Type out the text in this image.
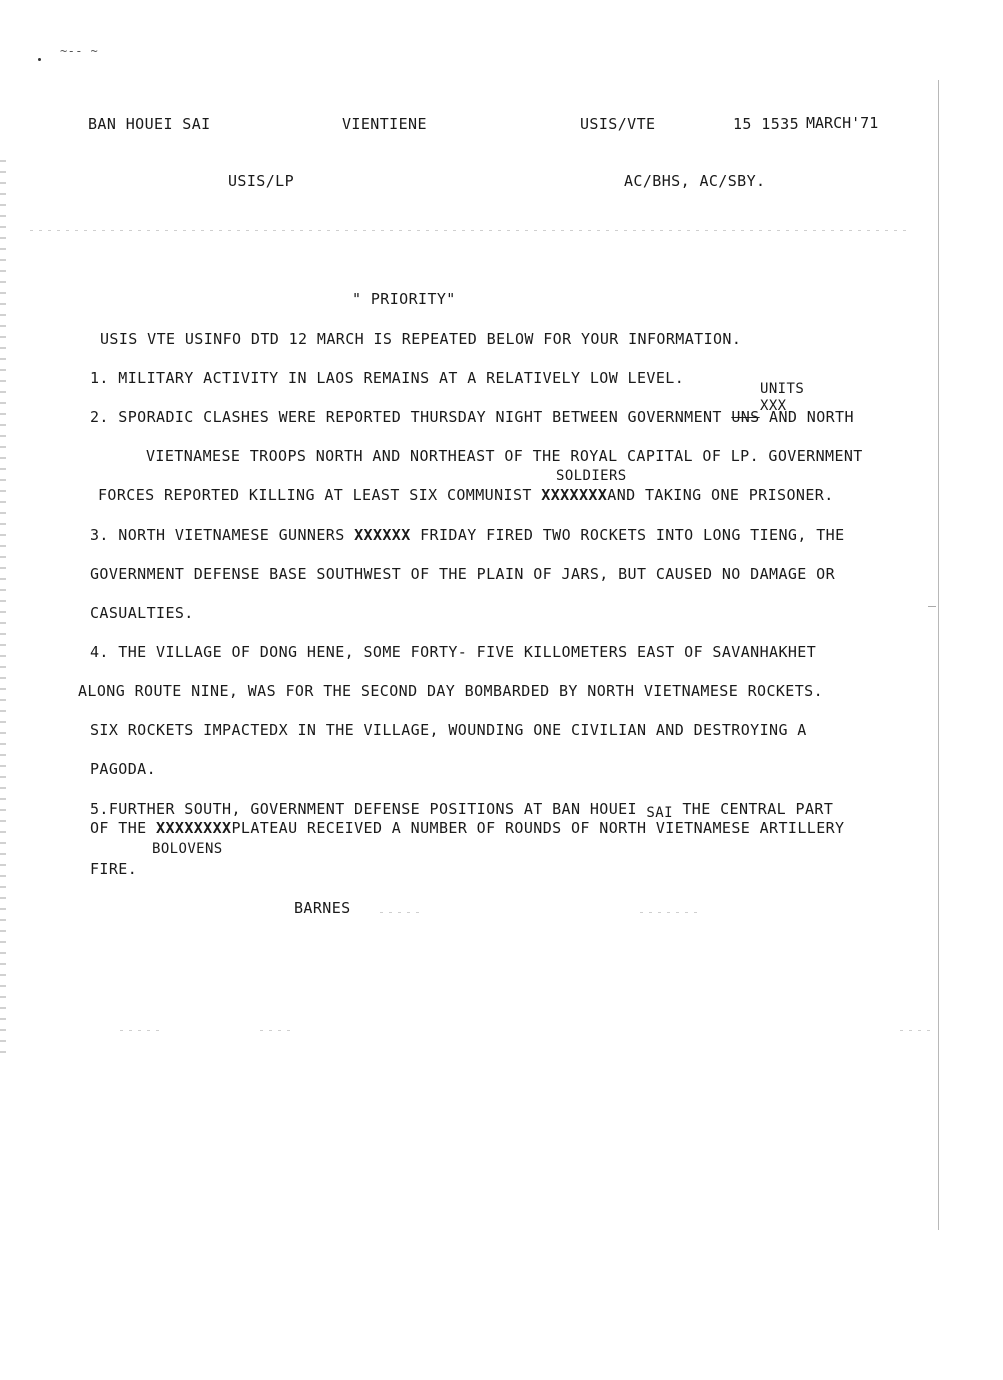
~-- ~
BAN HOUEI SAI	VIENTIENE	USIS/VTE	15 1535 MARCH'71
USIS/LP	AC/BHS, AC/SBY.
" PRIORITY"
USIS VTE USINFO DTD 12 MARCH IS REPEATED BELOW FOR YOUR INFORMATION.
1. MILITARY ACTIVITY IN LAOS REMAINS AT A RELATIVELY LOW LEVEL.
UNITS
XXX
2. SPORADIC CLASHES WERE REPORTED THURSDAY NIGHT BETWEEN GOVERNMENT UNS AND NORTH
VIETNAMESE TROOPS NORTH AND NORTHEAST OF THE ROYAL CAPITAL OF LP. GOVERNMENT
SOLDIERS
FORCES REPORTED KILLING AT LEAST SIX COMMUNIST XXXXXXXAND TAKING ONE PRISONER.
3. NORTH VIETNAMESE GUNNERS XXXXXX FRIDAY FIRED TWO ROCKETS INTO LONG TIENG, THE
GOVERNMENT DEFENSE BASE SOUTHWEST OF THE PLAIN OF JARS, BUT CAUSED NO DAMAGE OR
CASUALTIES.
4. THE VILLAGE OF DONG HENE, SOME FORTY- FIVE KILLOMETERS EAST OF SAVANHAKHET
ALONG ROUTE NINE, WAS FOR THE SECOND DAY BOMBARDED BY NORTH VIETNAMESE ROCKETS.
SIX ROCKETS IMPACTEDX IN THE VILLAGE, WOUNDING ONE CIVILIAN AND DESTROYING A
PAGODA.
5.FURTHER SOUTH, GOVERNMENT DEFENSE POSITIONS AT BAN HOUEI SAI THE CENTRAL PART
OF THE XXXXXXXXPLATEAU RECEIVED A NUMBER OF ROUNDS OF NORTH VIETNAMESE ARTILLERY
BOLOVENS
FIRE.
BARNES
